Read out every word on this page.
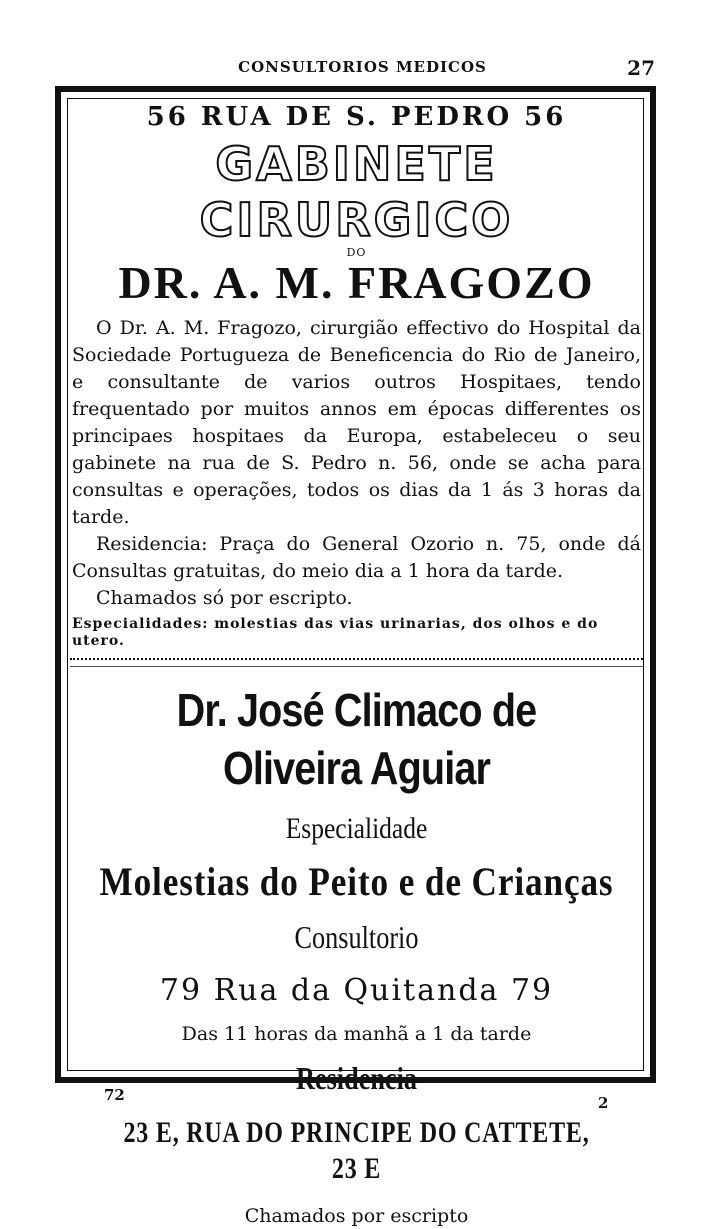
CONSULTORIOS MEDICOS	27
56 RUA DE S. PEDRO 56
GABINETE CIRURGICO
DO
DR. A. M. FRAGOZO

O Dr. A. M. Fragozo, cirurgião effectivo do Hospital da Sociedade Portugueza de Beneficencia do Rio de Janeiro, e consultante de varios outros Hospitaes, tendo frequentado por muitos annos em épocas differentes os principaes hospitaes da Europa, estabeleceu o seu gabinete na rua de S. Pedro n. 56, onde se acha para consultas e operações, todos os dias da 1 ás 3 horas da tarde.

Residencia: Praça do General Ozorio n. 75, onde dá Consultas gratuitas, do meio dia a 1 hora da tarde.

Chamados só por escripto.

Especialidades: molestias das vias urinarias, dos olhos e do utero.
Dr. José Climaco de Oliveira Aguiar
Especialidade
Molestias do Peito e de Crianças
Consultorio
79 Rua da Quitanda 79
Das 11 horas da manhã a 1 da tarde
Residencia
23 E, RUA DO PRINCIPE DO CATTETE, 23 E
Chamados por escripto
72	2
